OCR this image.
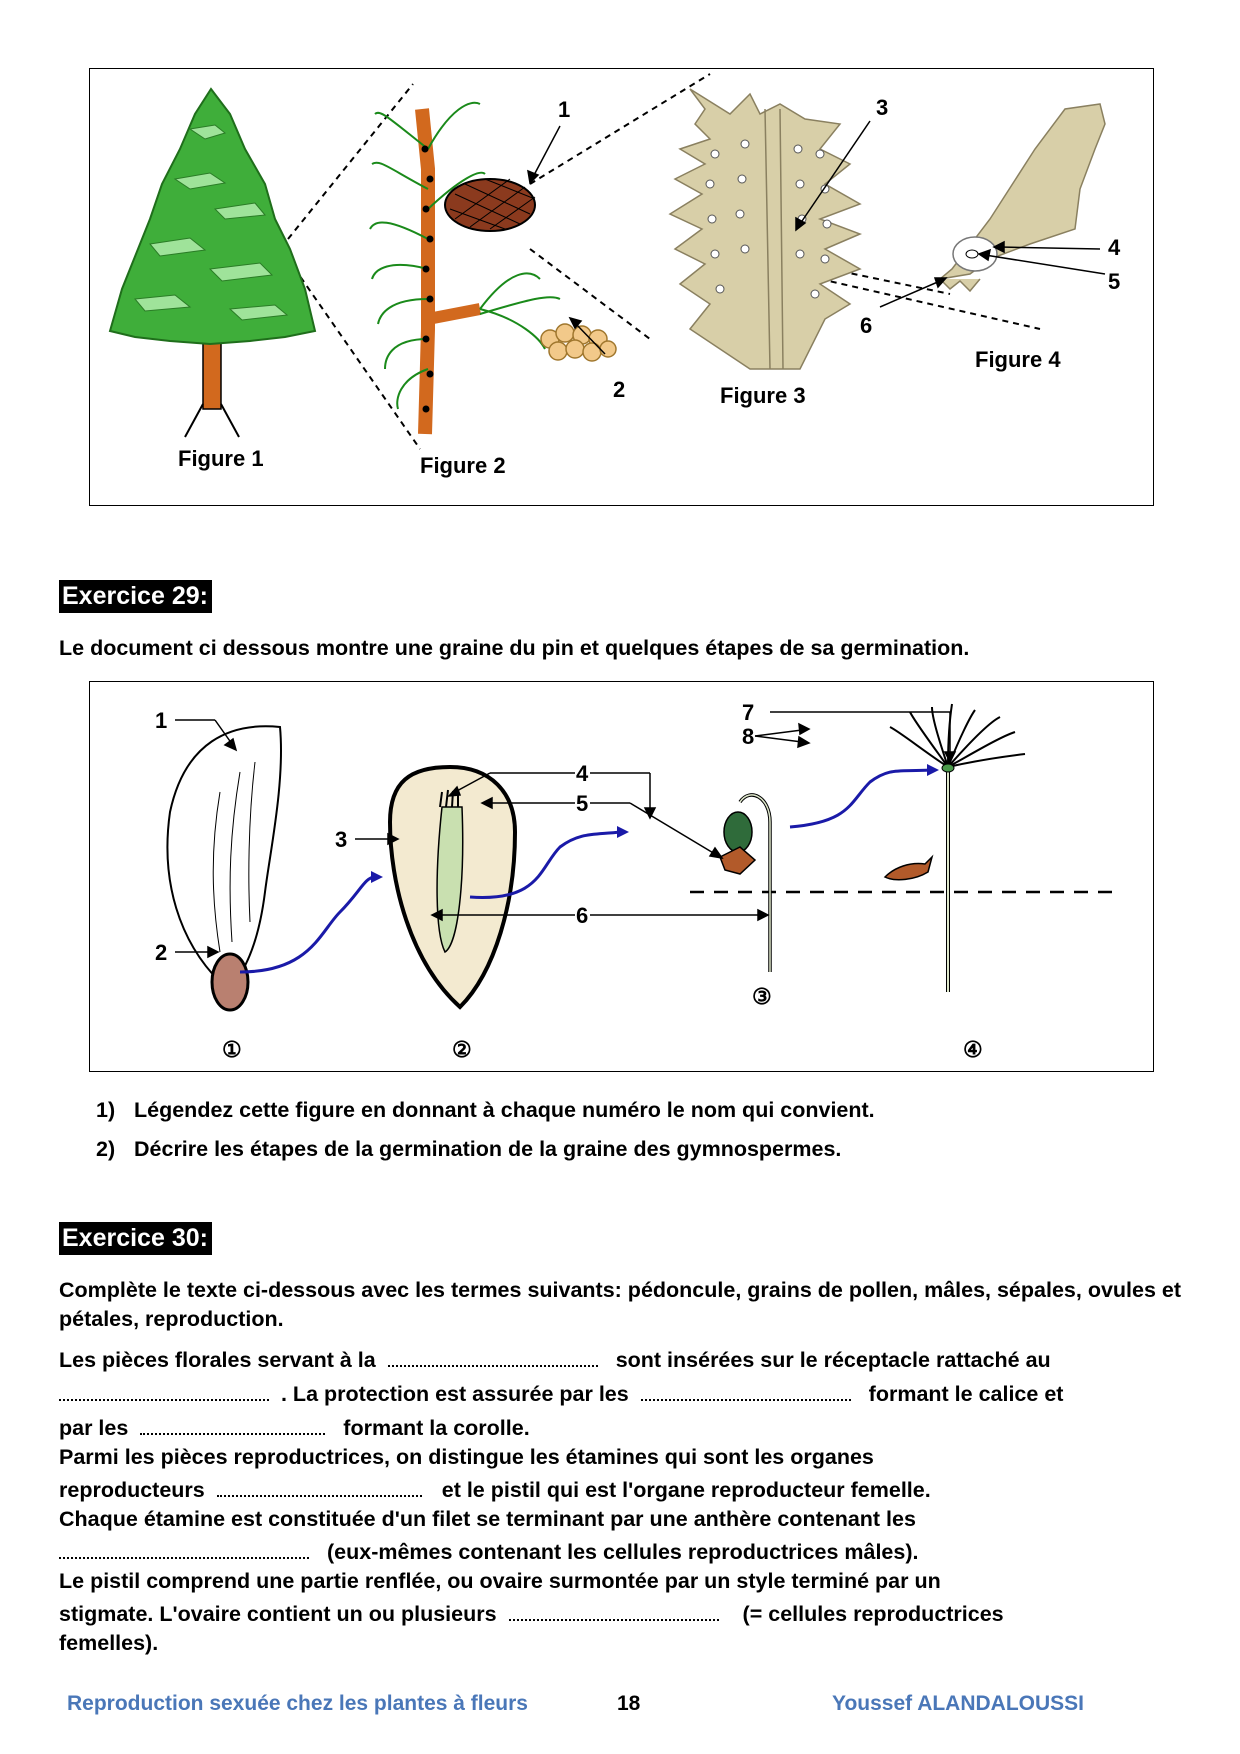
1
2
3
4
5
6
Figure 1	Figure 2
Figure 3
Figure 4
Exercice 29:
Le document ci dessous montre une graine du pin et quelques étapes de sa germination.
1
2
3
4
5
6
7
8
①	②
③
④
1) Légendez cette figure en donnant à chaque numéro le nom qui convient.
2) Décrire les étapes de la germination de la graine des gymnospermes.
Exercice 30:
Complète le texte ci-dessous avec les termes suivants: pédoncule, grains de pollen, mâles, sépales, ovules et pétales, reproduction.
Les pièces florales servant à la	sont insérées sur le réceptacle rattaché au
. La protection est assurée par les	formant le calice et
par les	formant la corolle.
Parmi les pièces reproductrices, on distingue les étamines qui sont les organes
reproducteurs	et le pistil qui est l'organe reproducteur femelle.
Chaque étamine est constituée d'un filet se terminant par une anthère contenant les
(eux-mêmes contenant les cellules reproductrices mâles).
Le pistil comprend une partie renflée, ou ovaire surmontée par un style terminé par un
stigmate. L'ovaire contient un ou plusieurs	(= cellules reproductrices
femelles).
Reproduction sexuée chez les plantes à fleurs	18	Youssef ALANDALOUSSI
